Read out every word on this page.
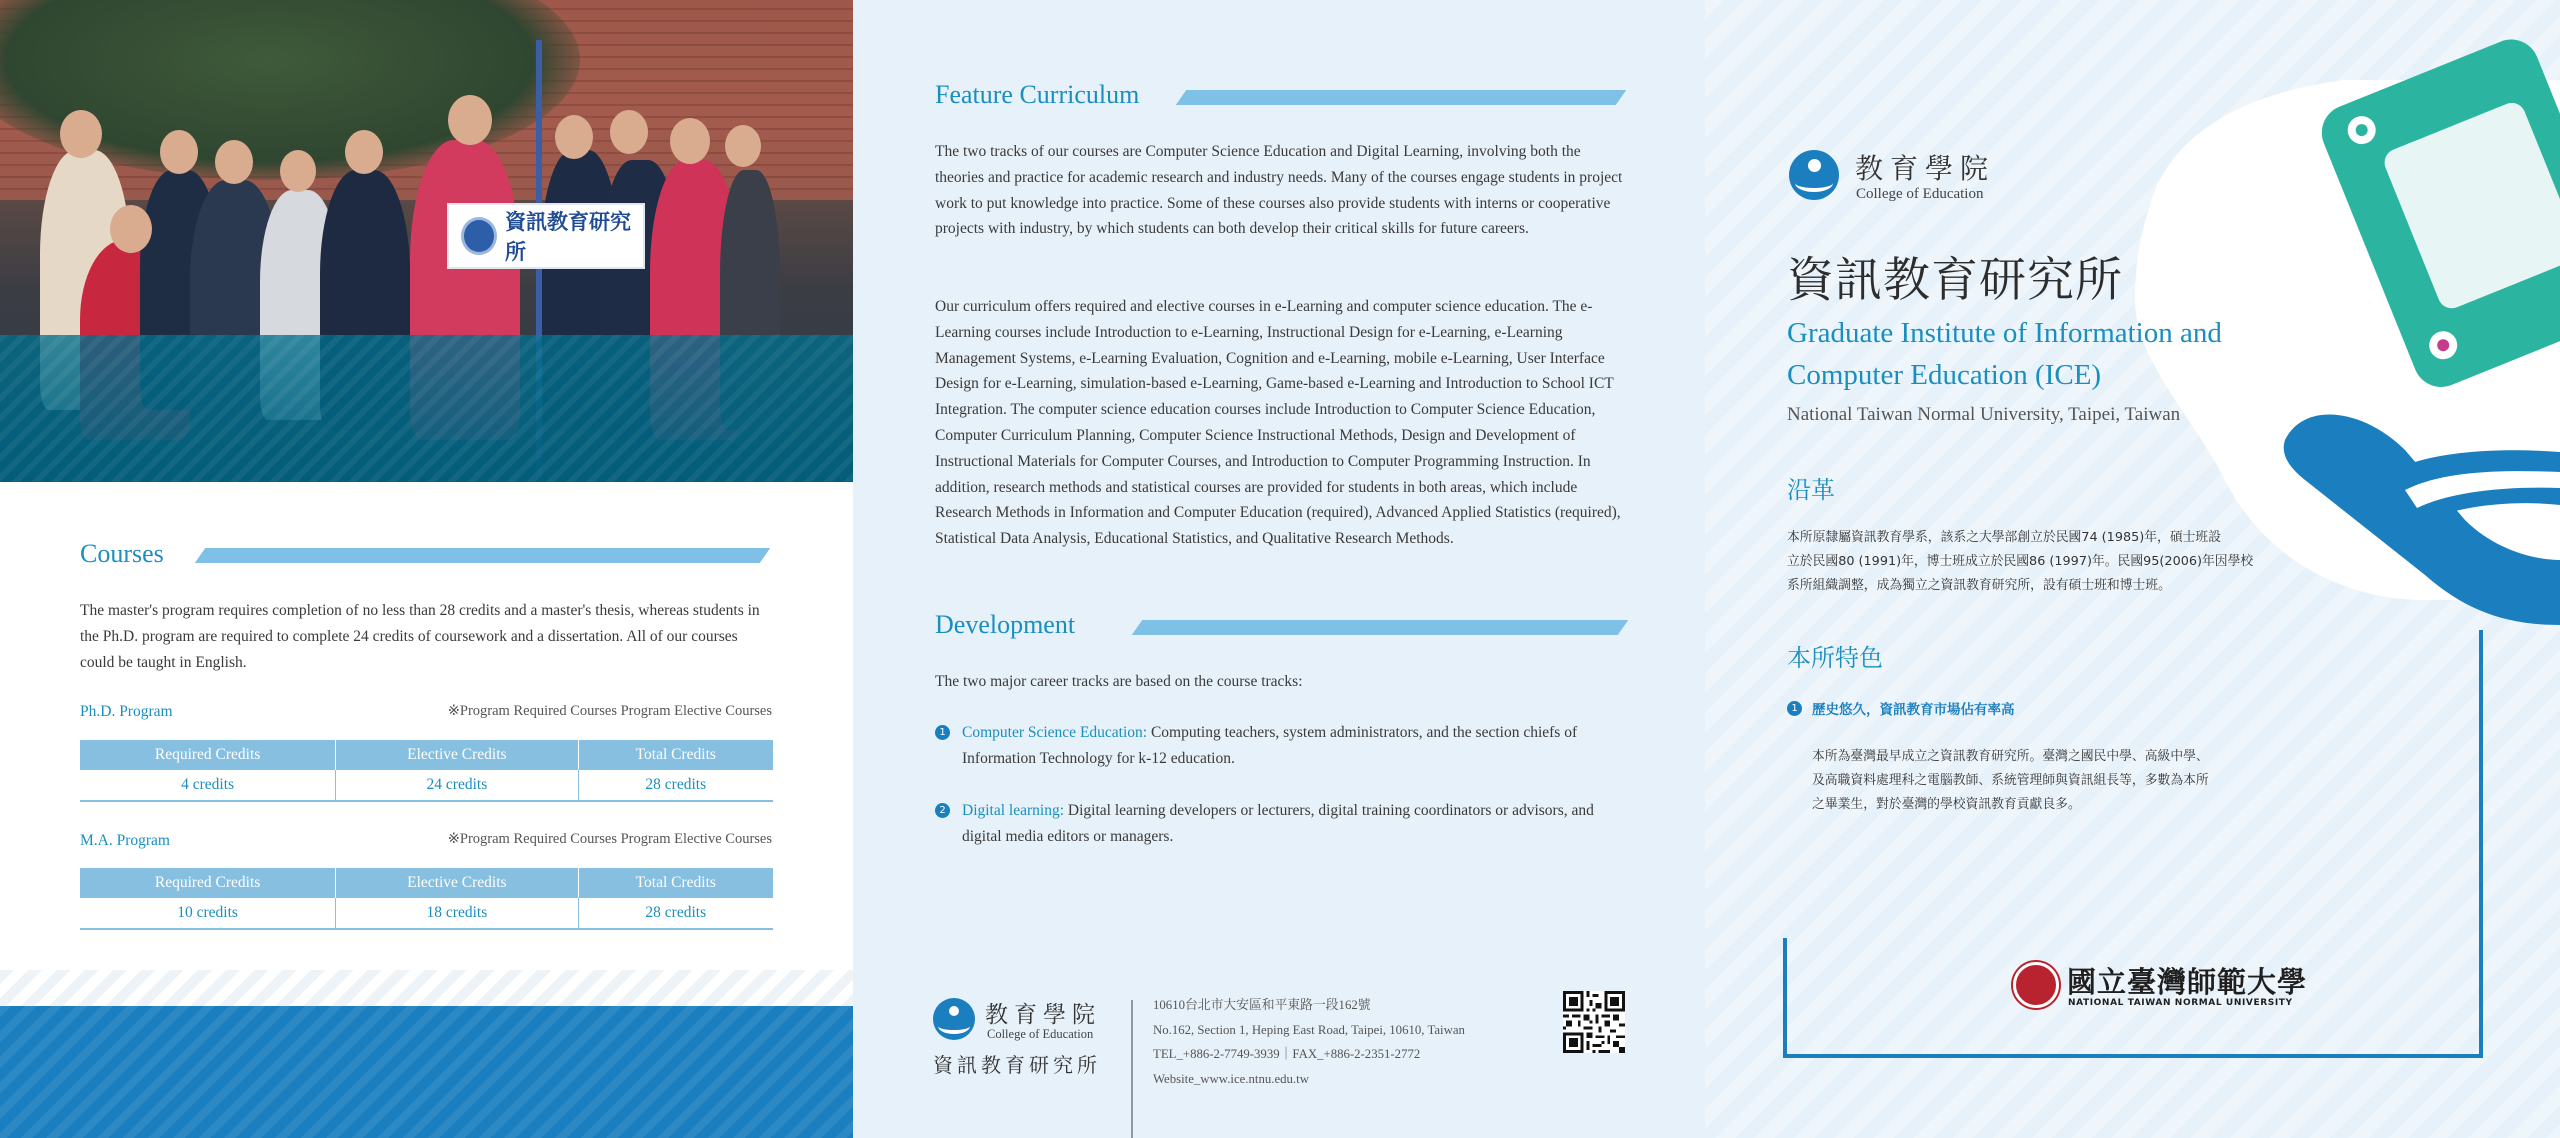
資訊教育研究所
Courses
The master's program requires completion of no less than 28 credits and a master's thesis, whereas students in the Ph.D. program are required to complete 24 credits of coursework and a dissertation. All of our courses could be taught in English.
Ph.D. Program	※Program Required Courses Program Elective Courses
Required Credits	Elective Credits	Total Credits
4 credits	24 credits	28 credits
M.A. Program	※Program Required Courses Program Elective Courses
Required Credits	Elective Credits	Total Credits
10 credits	18 credits	28 credits
Feature Curriculum
The two tracks of our courses are Computer Science Education and Digital Learning, involving both the theories and practice for academic research and industry needs. Many of the courses engage students in project work to put knowledge into practice. Some of these courses also provide students with interns or cooperative projects with industry, by which students can both develop their critical skills for future careers.
Our curriculum offers required and elective courses in e-Learning and computer science education. The e-Learning courses include Introduction to e-Learning, Instructional Design for e-Learning, e-Learning Management Systems, e-Learning Evaluation, Cognition and e-Learning, mobile e-Learning, User Interface Design for e-Learning, simulation-based e-Learning, Game-based e-Learning and Introduction to School ICT Integration. The computer science education courses include Introduction to Computer Science Education, Computer Curriculum Planning, Computer Science Instructional Methods, Design and Development of Instructional Materials for Computer Courses, and Introduction to Computer Programming Instruction. In addition, research methods and statistical courses are provided for students in both areas, which include Research Methods in Information and Computer Education (required), Advanced Applied Statistics (required), Statistical Data Analysis, Educational Statistics, and Qualitative Research Methods.
Development
The two major career tracks are based on the course tracks:
1 Computer Science Education: Computing teachers, system administrators, and the section chiefs of Information Technology for k-12 education.
2 Digital learning: Digital learning developers or lecturers, digital training coordinators or advisors, and digital media editors or managers.
教育學院
College of Education
資訊教育研究所
10610台北市大安區和平東路一段162號
No.162, Section 1, Heping East Road, Taipei, 10610, Taiwan
TEL_+886-2-7749-3939｜FAX_+886-2-2351-2772
Website_www.ice.ntnu.edu.tw
教育學院
College of Education
資訊教育研究所
Graduate Institute of Information and
Computer Education (ICE)
National Taiwan Normal University, Taipei, Taiwan
沿革
本所原隸屬資訊教育學系，該系之大學部創立於民國74 (1985)年，碩士班設
立於民國80 (1991)年，博士班成立於民國86 (1997)年。民國95(2006)年因學校
系所組織調整，成為獨立之資訊教育研究所，設有碩士班和博士班。
本所特色
1	歷史悠久，資訊教育市場佔有率高
本所為臺灣最早成立之資訊教育研究所。臺灣之國民中學、高級中學、
及高職資料處理科之電腦教師、系統管理師與資訊組長等，多數為本所
之畢業生，對於臺灣的學校資訊教育貢獻良多。
國立臺灣師範大學
NATIONAL TAIWAN NORMAL UNIVERSITY
